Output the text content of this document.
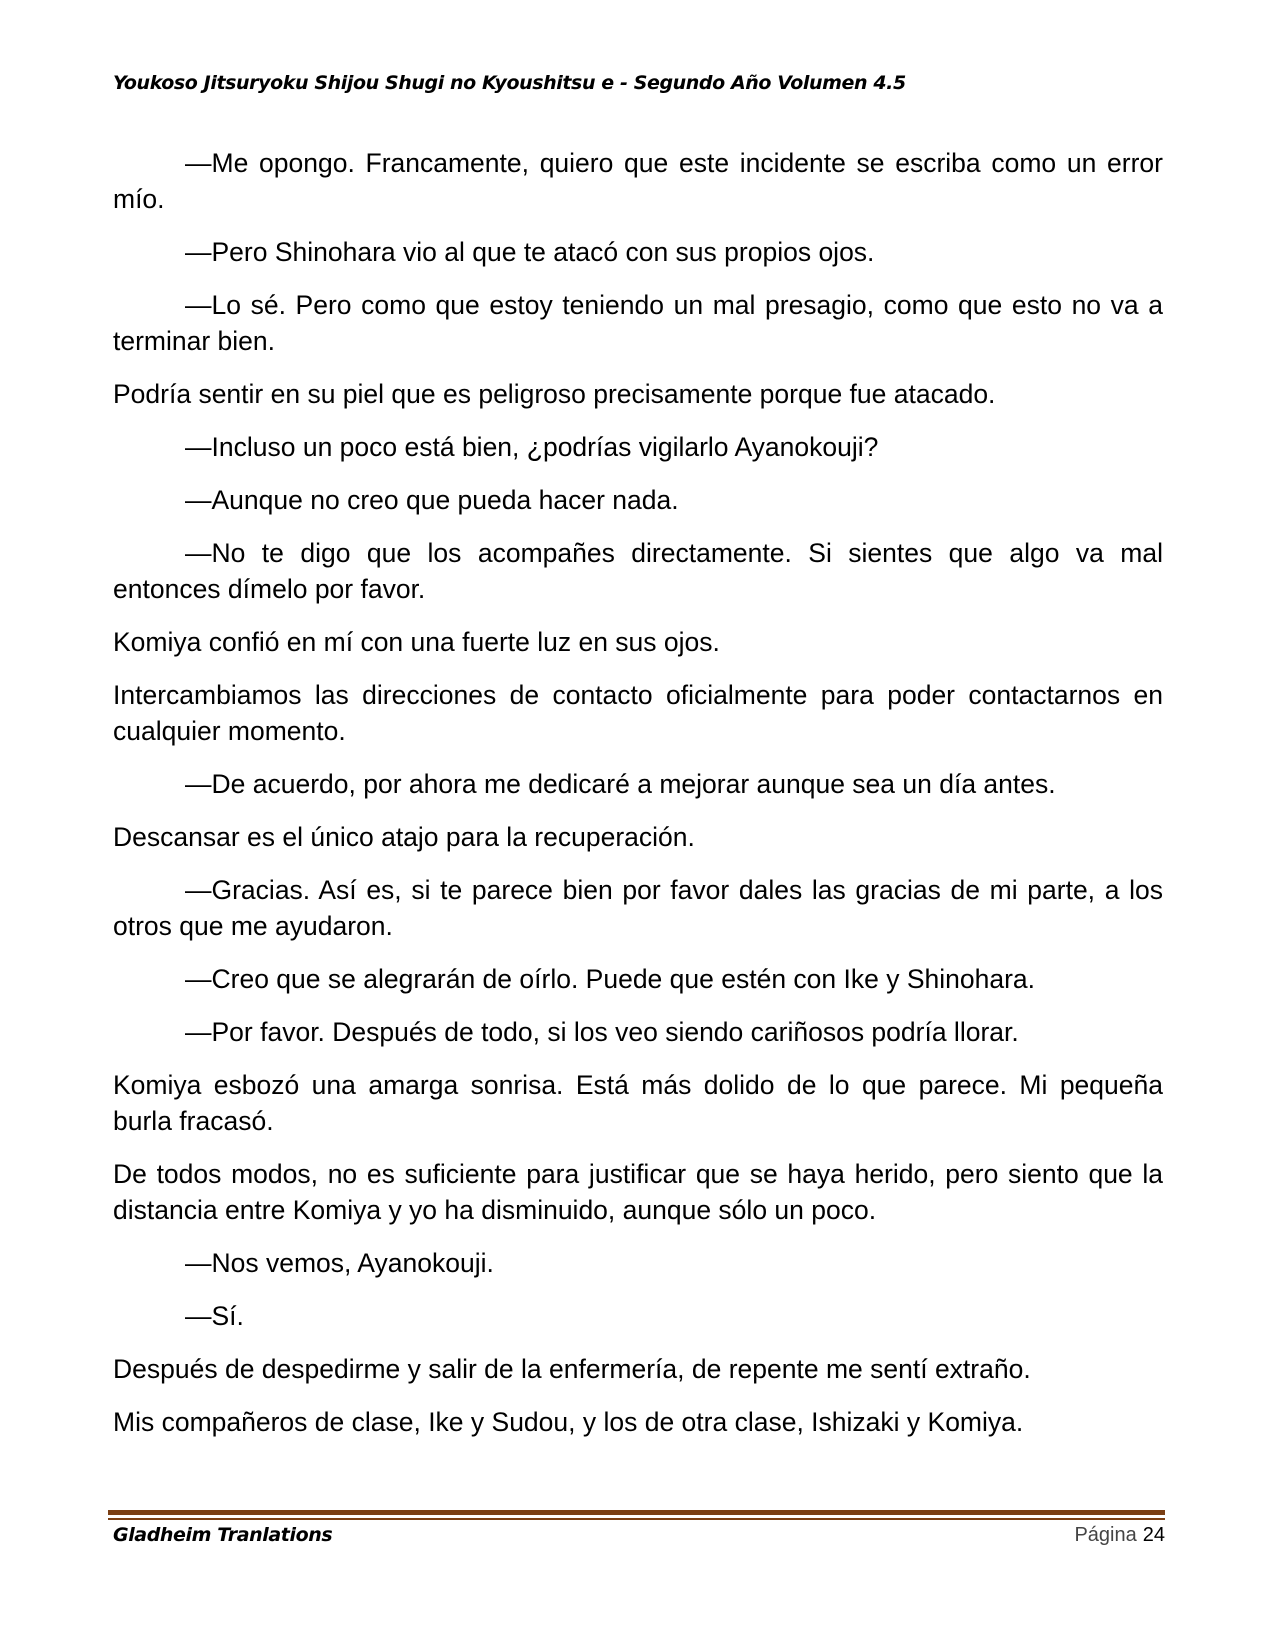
Youkoso Jitsuryoku Shijou Shugi no Kyoushitsu e - Segundo Año Volumen 4.5

—Me opongo. Francamente, quiero que este incidente se escriba como un error mío.

—Pero Shinohara vio al que te atacó con sus propios ojos.

—Lo sé. Pero como que estoy teniendo un mal presagio, como que esto no va a terminar bien.

Podría sentir en su piel que es peligroso precisamente porque fue atacado.

—Incluso un poco está bien, ¿podrías vigilarlo Ayanokouji?

—Aunque no creo que pueda hacer nada.

—No te digo que los acompañes directamente. Si sientes que algo va mal entonces dímelo por favor.

Komiya confió en mí con una fuerte luz en sus ojos.

Intercambiamos las direcciones de contacto oficialmente para poder contactarnos en cualquier momento.

—De acuerdo, por ahora me dedicaré a mejorar aunque sea un día antes.

Descansar es el único atajo para la recuperación.

—Gracias. Así es, si te parece bien por favor dales las gracias de mi parte, a los otros que me ayudaron.

—Creo que se alegrarán de oírlo. Puede que estén con Ike y Shinohara.

—Por favor. Después de todo, si los veo siendo cariñosos podría llorar.

Komiya esbozó una amarga sonrisa. Está más dolido de lo que parece. Mi pequeña burla fracasó.

De todos modos, no es suficiente para justificar que se haya herido, pero siento que la distancia entre Komiya y yo ha disminuido, aunque sólo un poco.

—Nos vemos, Ayanokouji.

—Sí.

Después de despedirme y salir de la enfermería, de repente me sentí extraño.

Mis compañeros de clase, Ike y Sudou, y los de otra clase, Ishizaki y Komiya.

Gladheim Tranlations	Página 24
